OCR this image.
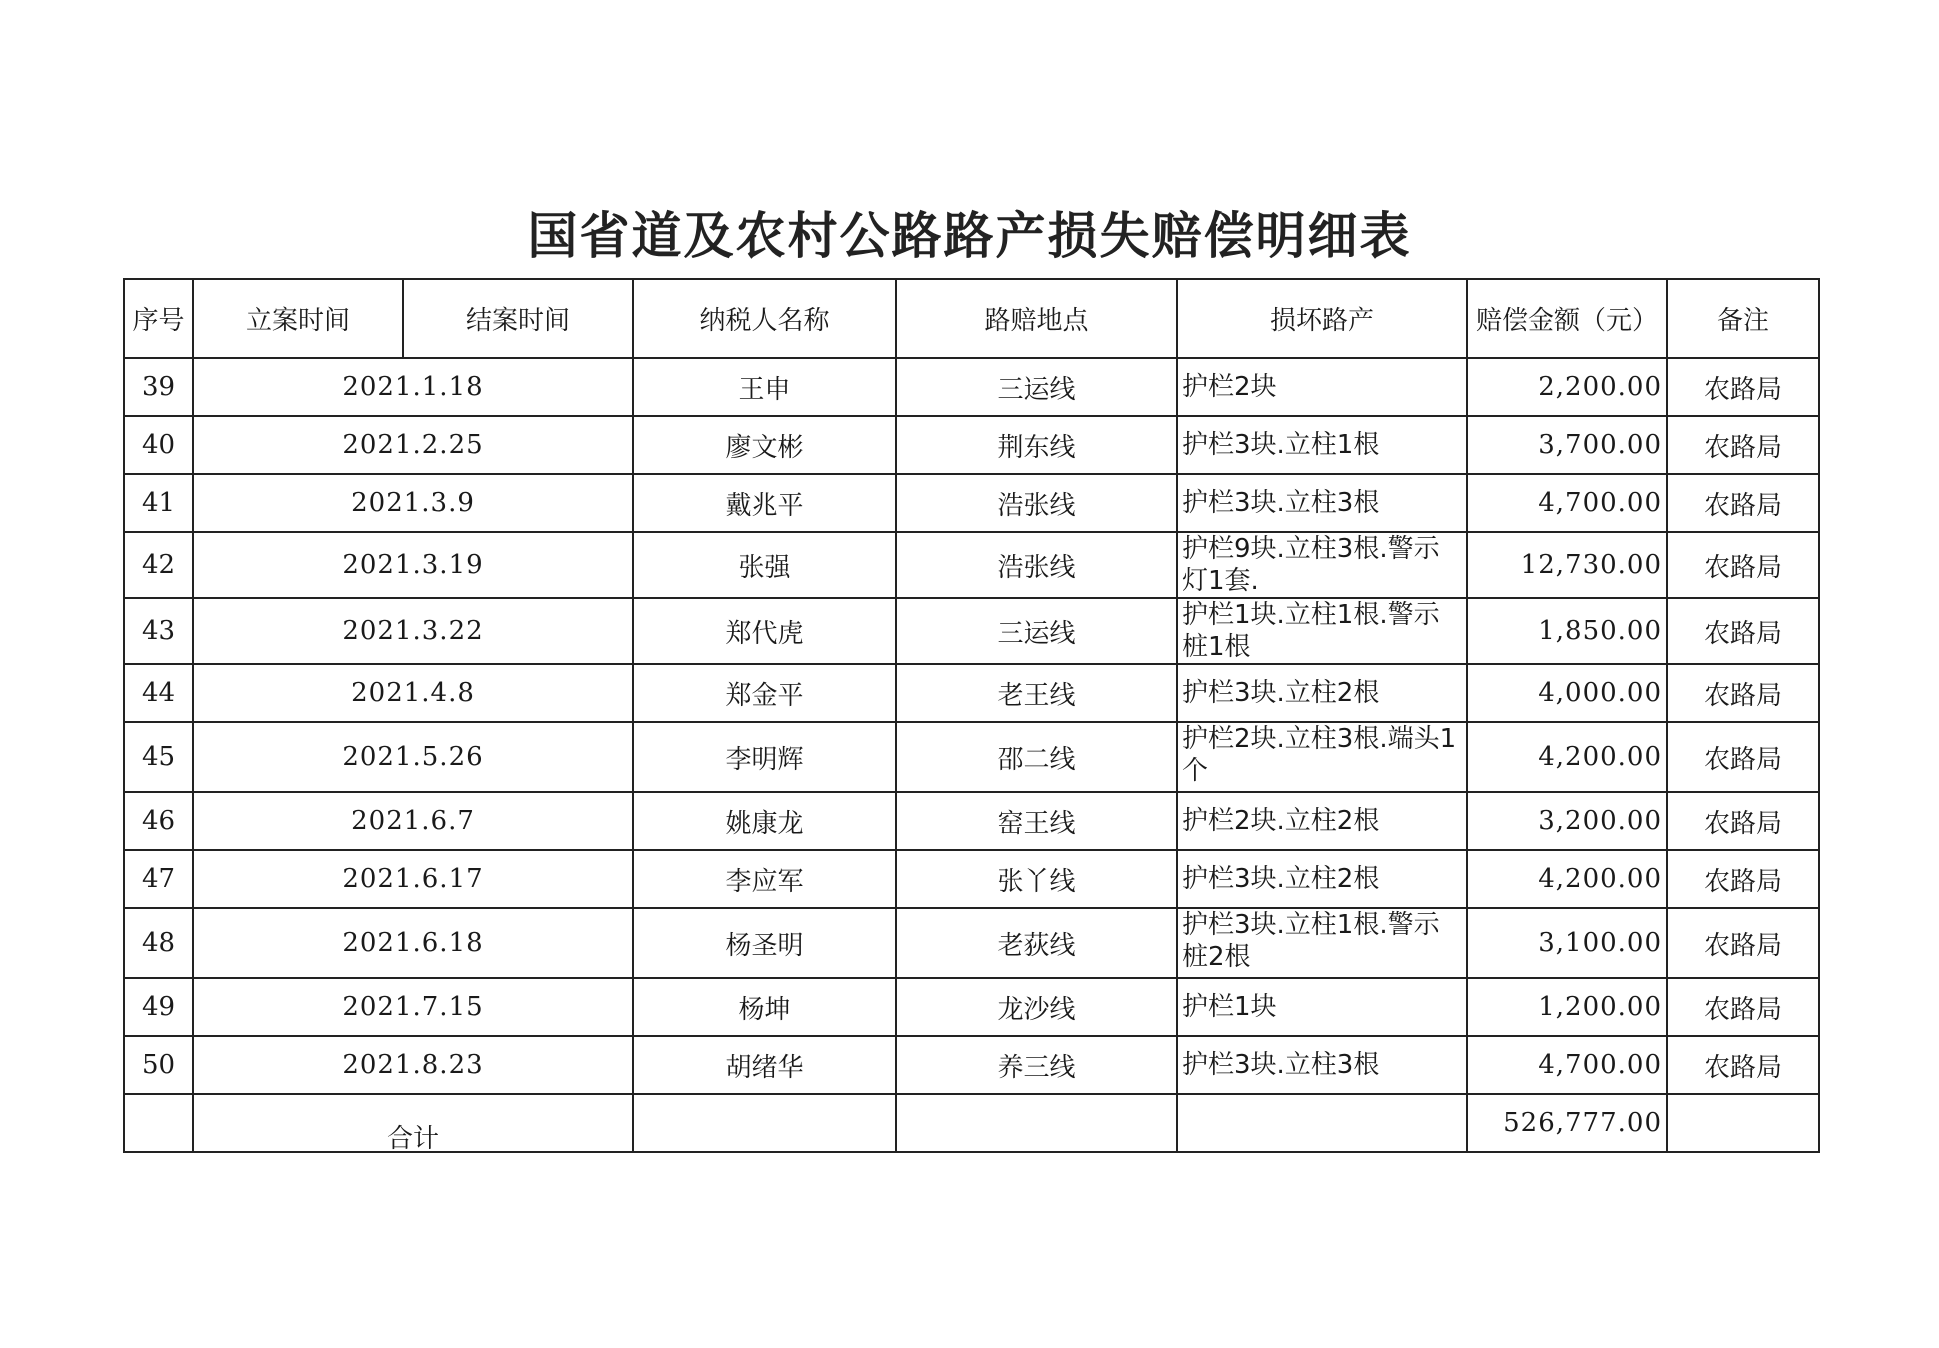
国省道及农村公路路产损失赔偿明细表
序号	立案时间	结案时间	纳税人名称	路赔地点	损坏路产	赔偿金额（元）	备注
39	2021.1.18		王申	三运线	护栏2块	2,200.00	农路局
40	2021.2.25		廖文彬	荆东线	护栏3块.立柱1根	3,700.00	农路局
41	2021.3.9		戴兆平	浩张线	护栏3块.立柱3根	4,700.00	农路局
42	2021.3.19		张强	浩张线	护栏9块.立柱3根.警示灯1套.	12,730.00	农路局
43	2021.3.22		郑代虎	三运线	护栏1块.立柱1根.警示桩1根	1,850.00	农路局
44	2021.4.8		郑金平	老王线	护栏3块.立柱2根	4,000.00	农路局
45	2021.5.26		李明辉	邵二线	护栏2块.立柱3根.端头1个	4,200.00	农路局
46	2021.6.7		姚康龙	窑王线	护栏2块.立柱2根	3,200.00	农路局
47	2021.6.17		李应军	张丫线	护栏3块.立柱2根	4,200.00	农路局
48	2021.6.18		杨圣明	老荻线	护栏3块.立柱1根.警示桩2根	3,100.00	农路局
49	2021.7.15		杨坤	龙沙线	护栏1块	1,200.00	农路局
50	2021.8.23		胡绪华	养三线	护栏3块.立柱3根	4,700.00	农路局
	合计					526,777.00	
